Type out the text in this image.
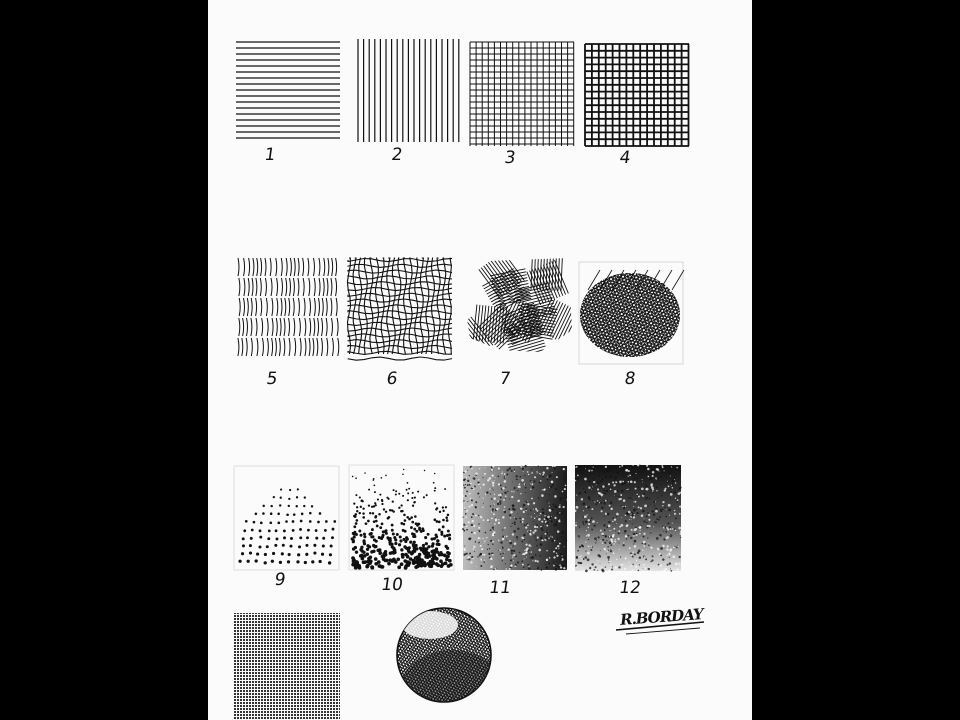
1	2	3	4
5	6	7	8
9	10	11	12
R.BORDAY
